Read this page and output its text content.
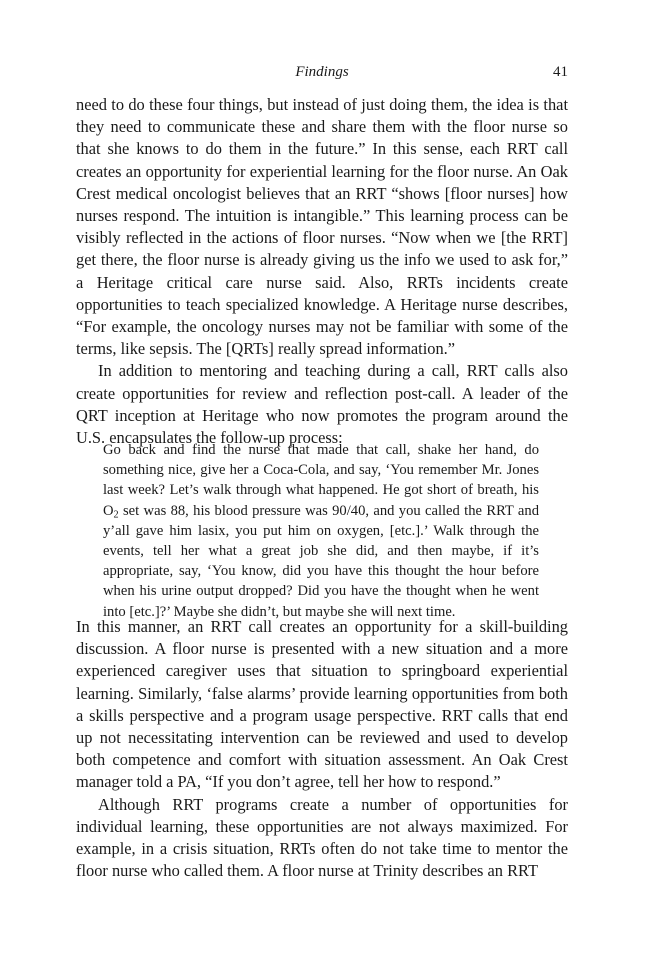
Findings	41

need to do these four things, but instead of just doing them, the idea is that they need to communicate these and share them with the floor nurse so that she knows to do them in the future.” In this sense, each RRT call creates an opportunity for experiential learning for the floor nurse. An Oak Crest medical oncologist believes that an RRT “shows [floor nurses] how nurses respond. The intuition is intangible.” This learning process can be visibly reflected in the actions of floor nurses. “Now when we [the RRT] get there, the floor nurse is already giving us the info we used to ask for,” a Heritage critical care nurse said. Also, RRTs incidents create opportunities to teach specialized knowledge. A Heritage nurse describes, “For example, the oncology nurses may not be familiar with some of the terms, like sepsis. The [QRTs] really spread information.”

In addition to mentoring and teaching during a call, RRT calls also create opportunities for review and reflection post-call. A leader of the QRT inception at Heritage who now promotes the program around the U.S. encapsulates the follow-up process:

Go back and find the nurse that made that call, shake her hand, do something nice, give her a Coca-Cola, and say, ‘You remember Mr. Jones last week? Let’s walk through what happened. He got short of breath, his $O_2$ set was 88, his blood pressure was 90/40, and you called the RRT and y’all gave him lasix, you put him on oxygen, [etc.].’ Walk through the events, tell her what a great job she did, and then maybe, if it’s appropriate, say, ‘You know, did you have this thought the hour before when his urine output dropped? Did you have the thought when he went into [etc.]?’ Maybe she didn’t, but maybe she will next time.

In this manner, an RRT call creates an opportunity for a skill-building discussion. A floor nurse is presented with a new situation and a more experienced caregiver uses that situation to springboard experiential learning. Similarly, ‘false alarms’ provide learning opportunities from both a skills perspective and a program usage perspective. RRT calls that end up not necessitating intervention can be reviewed and used to develop both competence and comfort with situation assessment. An Oak Crest manager told a PA, “If you don’t agree, tell her how to respond.”

Although RRT programs create a number of opportunities for individual learning, these opportunities are not always maximized. For example, in a crisis situation, RRTs often do not take time to mentor the floor nurse who called them. A floor nurse at Trinity describes an RRT
